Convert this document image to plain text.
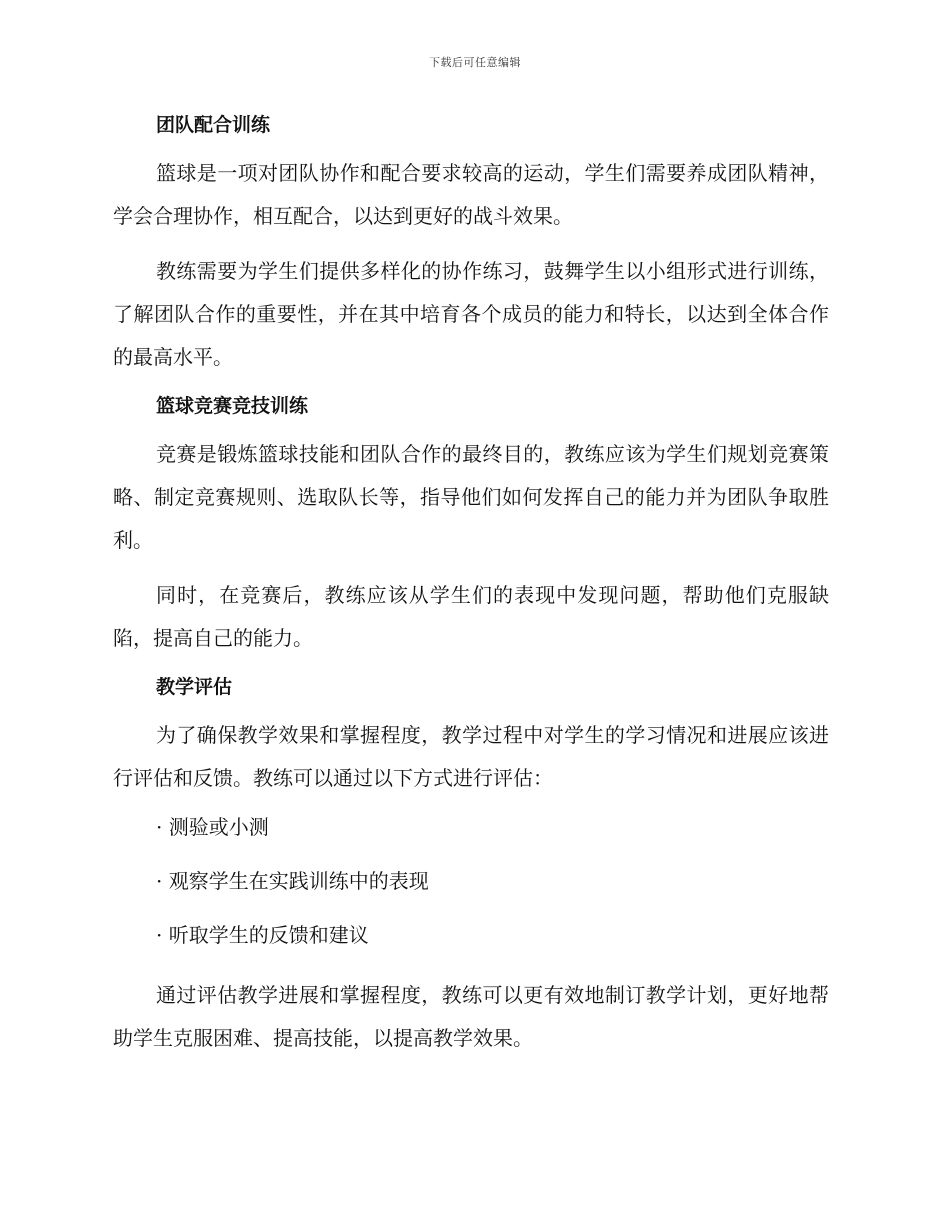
下载后可任意编辑
团队配合训练

篮球是一项对团队协作和配合要求较高的运动，学生们需要养成团队精神，学会合理协作，相互配合，以达到更好的战斗效果。

教练需要为学生们提供多样化的协作练习，鼓舞学生以小组形式进行训练，了解团队合作的重要性，并在其中培育各个成员的能力和特长，以达到全体合作的最高水平。

篮球竞赛竞技训练

竞赛是锻炼篮球技能和团队合作的最终目的，教练应该为学生们规划竞赛策略、制定竞赛规则、选取队长等，指导他们如何发挥自己的能力并为团队争取胜利。

同时，在竞赛后，教练应该从学生们的表现中发现问题，帮助他们克服缺陷，提高自己的能力。

教学评估

为了确保教学效果和掌握程度，教学过程中对学生的学习情况和进展应该进行评估和反馈。教练可以通过以下方式进行评估：

· 测验或小测

· 观察学生在实践训练中的表现

· 听取学生的反馈和建议

通过评估教学进展和掌握程度，教练可以更有效地制订教学计划，更好地帮助学生克服困难、提高技能，以提高教学效果。
